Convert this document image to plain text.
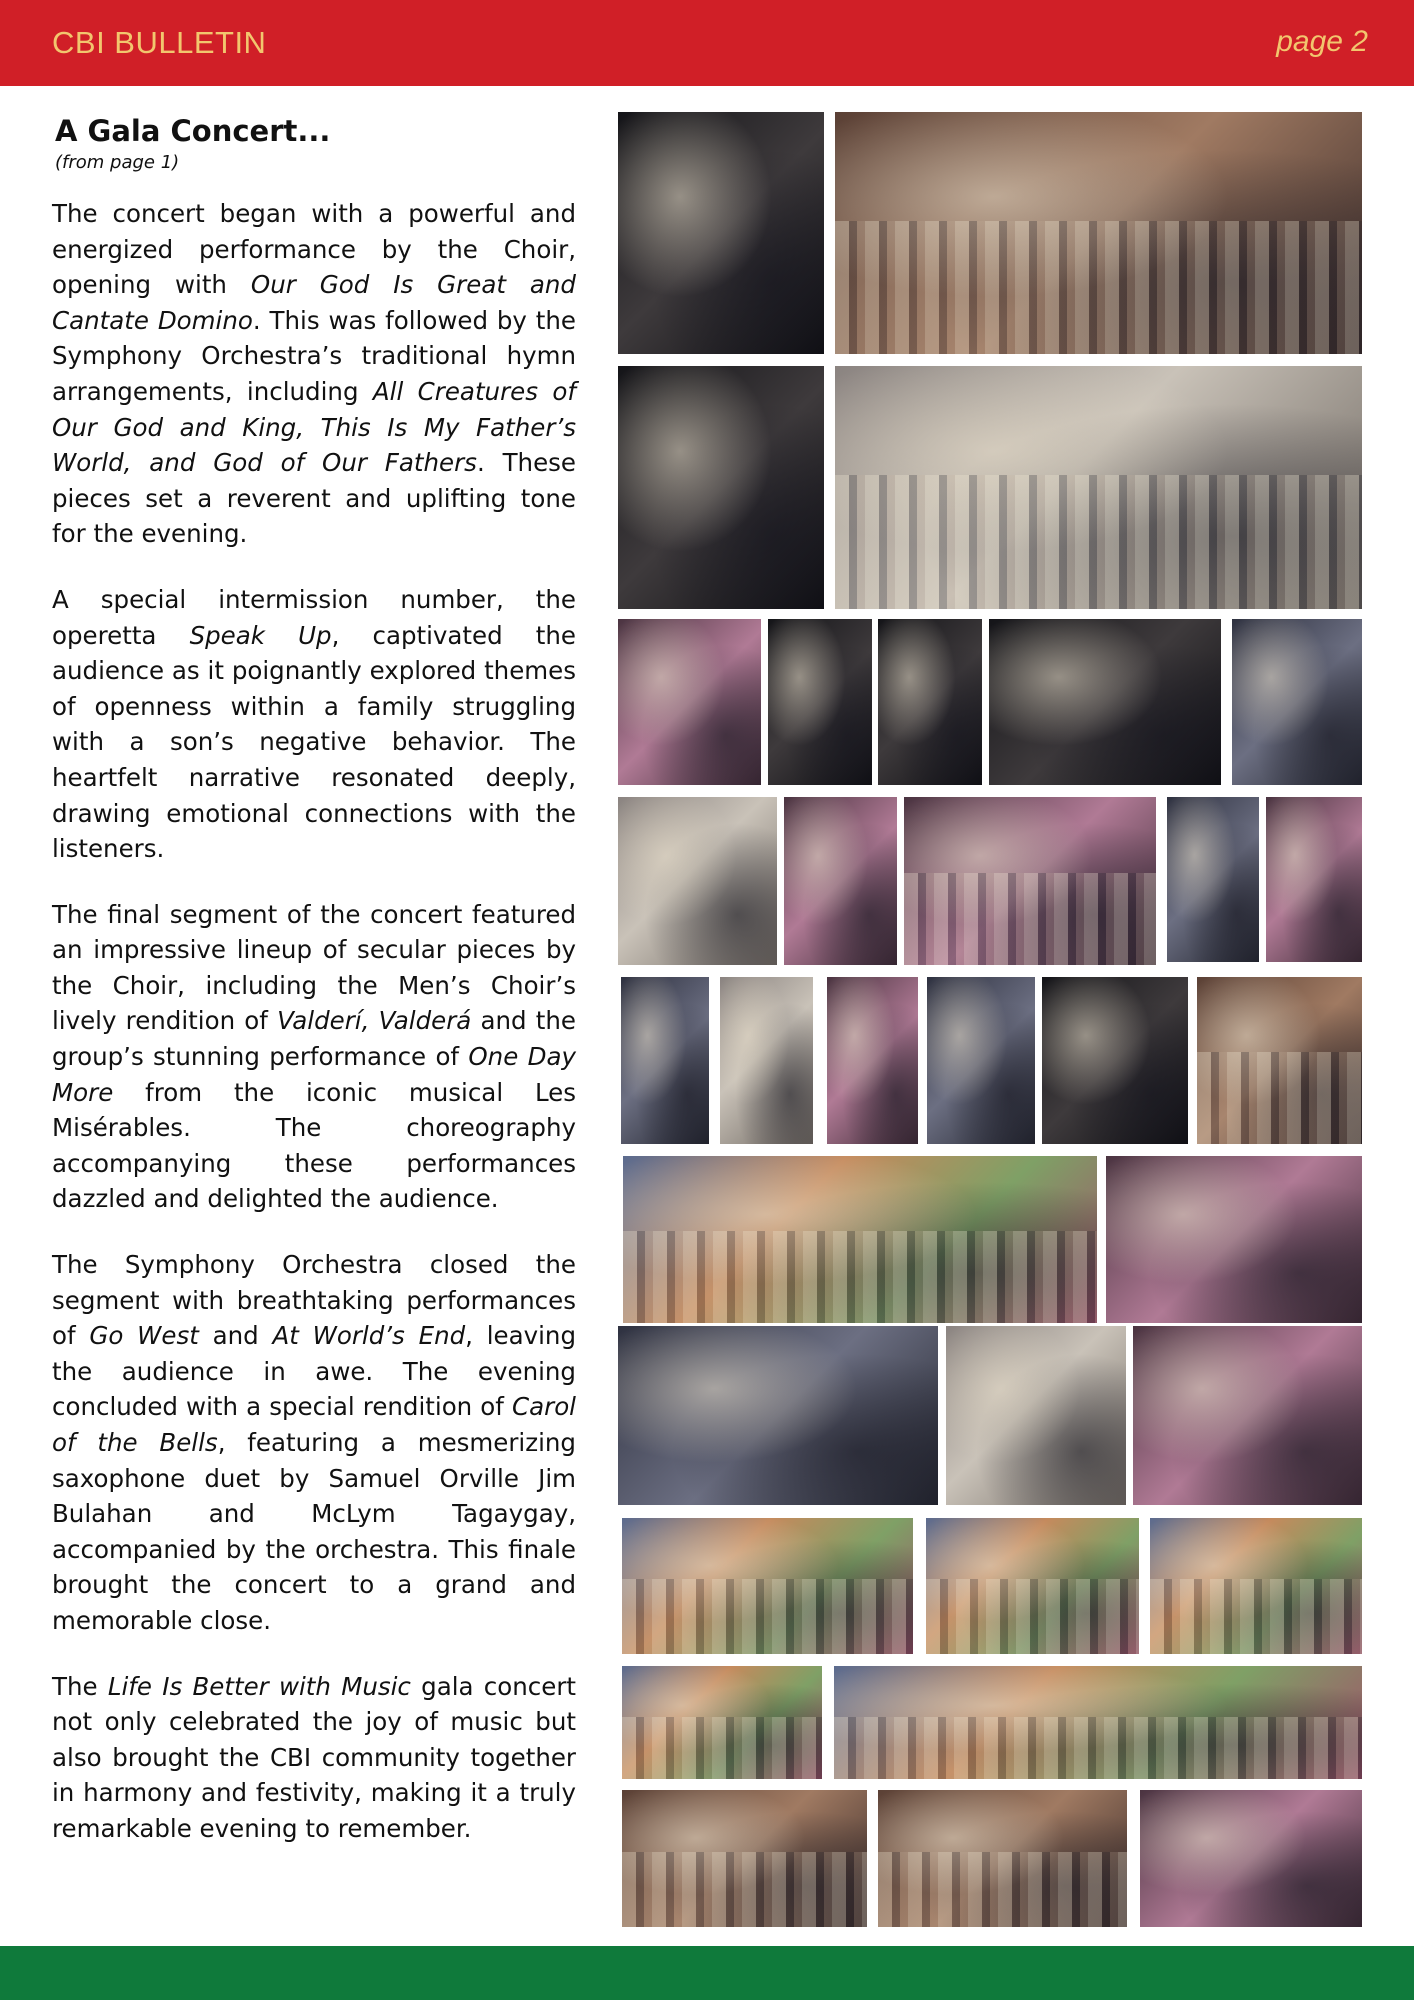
CBI BULLETIN	page 2
A Gala Concert...
(from page 1)

The concert began with a powerful and energized performance by the Choir, opening with Our God Is Great and Cantate Domino. This was followed by the Symphony Orchestra’s traditional hymn arrangements, including All Creatures of Our God and King, This Is My Father’s World, and God of Our Fathers. These pieces set a reverent and uplifting tone for the evening.

A special intermission number, the operetta Speak Up, captivated the audience as it poignantly explored themes of openness within a family struggling with a son’s negative behavior. The heartfelt narrative resonated deeply, drawing emotional connections with the listeners.

The final segment of the concert featured an impressive lineup of secular pieces by the Choir, including the Men’s Choir’s lively rendition of Valderí, Valderá and the group’s stunning performance of One Day More from the iconic musical Les Misérables. The choreography accompanying these performances dazzled and delighted the audience.

The Symphony Orchestra closed the segment with breathtaking performances of Go West and At World’s End, leaving the audience in awe. The evening concluded with a special rendition of Carol of the Bells, featuring a mesmerizing saxophone duet by Samuel Orville Jim Bulahan and McLym Tagaygay, accompanied by the orchestra. This finale brought the concert to a grand and memorable close.

The Life Is Better with Music gala concert not only celebrated the joy of music but also brought the CBI community together in harmony and festivity, making it a truly remarkable evening to remember.
